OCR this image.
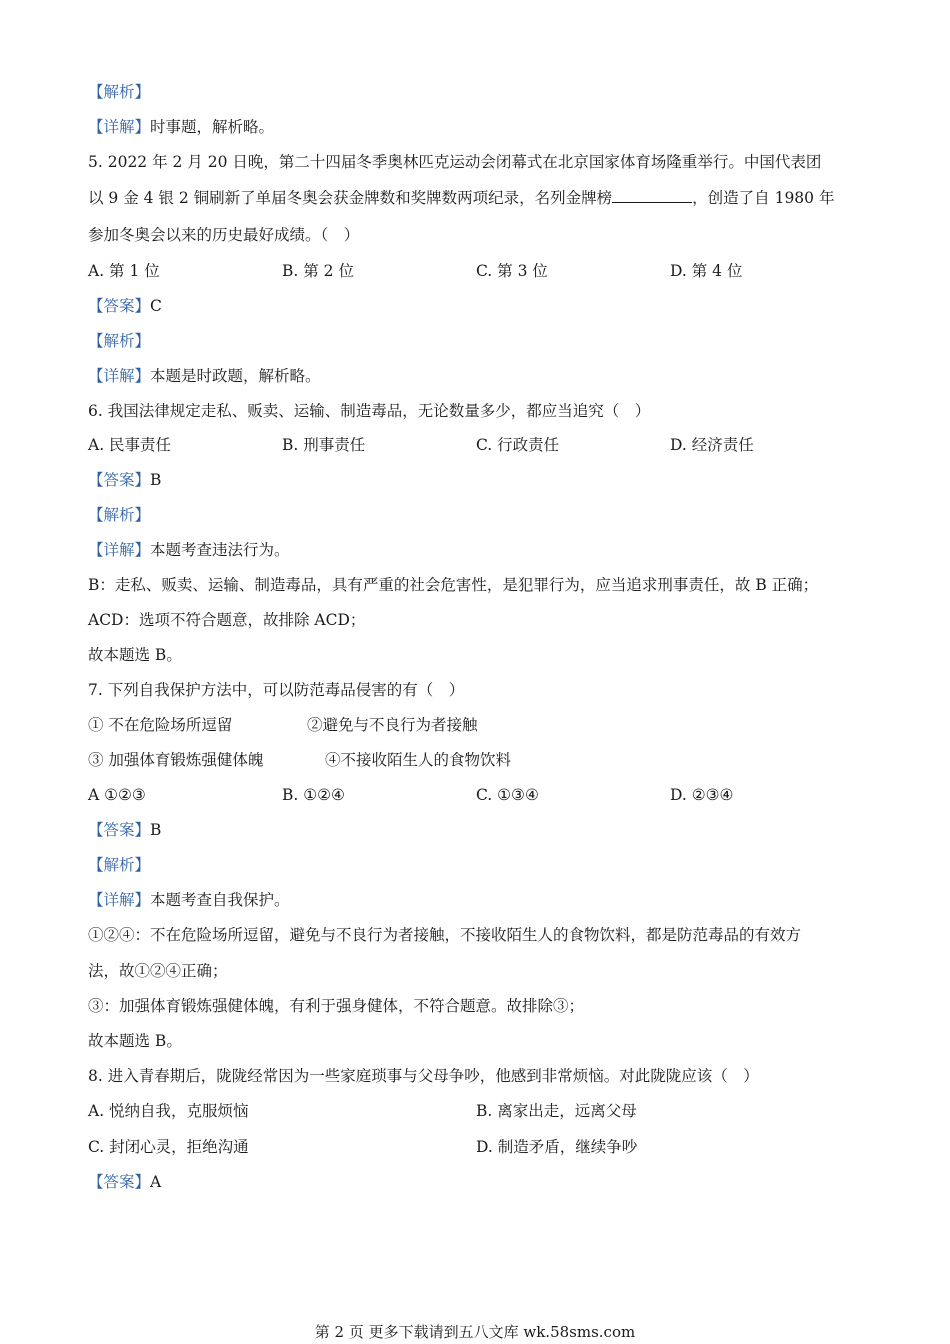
【解析】
【详解】时事题，解析略。
5. 2022 年 2 月 20 日晚，第二十四届冬季奥林匹克运动会闭幕式在北京国家体育场隆重举行。中国代表团
以 9 金 4 银 2 铜刷新了单届冬奥会获金牌数和奖牌数两项纪录，名列金牌榜	，创造了自 1980 年
参加冬奥会以来的历史最好成绩。（　）
A. 第 1 位	B. 第 2 位	C. 第 3 位	D. 第 4 位
【答案】C
【解析】
【详解】本题是时政题，解析略。
6. 我国法律规定走私、贩卖、运输、制造毒品，无论数量多少，都应当追究（　）
A. 民事责任	B. 刑事责任	C. 行政责任	D. 经济责任
【答案】B
【解析】
【详解】本题考查违法行为。
B：走私、贩卖、运输、制造毒品，具有严重的社会危害性，是犯罪行为，应当追求刑事责任，故 B 正确；
ACD：选项不符合题意，故排除 ACD；
故本题选 B。
7. 下列自我保护方法中，可以防范毒品侵害的有（　）
① 不在危险场所逗留	②避免与不良行为者接触
③ 加强体育锻炼强健体魄	④不接收陌生人的食物饮料
A ①②③	B. ①②④	C. ①③④	D. ②③④
【答案】B
【解析】
【详解】本题考查自我保护。
①②④：不在危险场所逗留，避免与不良行为者接触，不接收陌生人的食物饮料，都是防范毒品的有效方
法，故①②④正确；
③：加强体育锻炼强健体魄，有利于强身健体，不符合题意。故排除③；
故本题选 B。
8. 进入青春期后，陇陇经常因为一些家庭琐事与父母争吵，他感到非常烦恼。对此陇陇应该（　）
A. 悦纳自我，克服烦恼	B. 离家出走，远离父母
C. 封闭心灵，拒绝沟通	D. 制造矛盾，继续争吵
【答案】A
第 2 页 更多下载请到五八文库 wk.58sms.com
